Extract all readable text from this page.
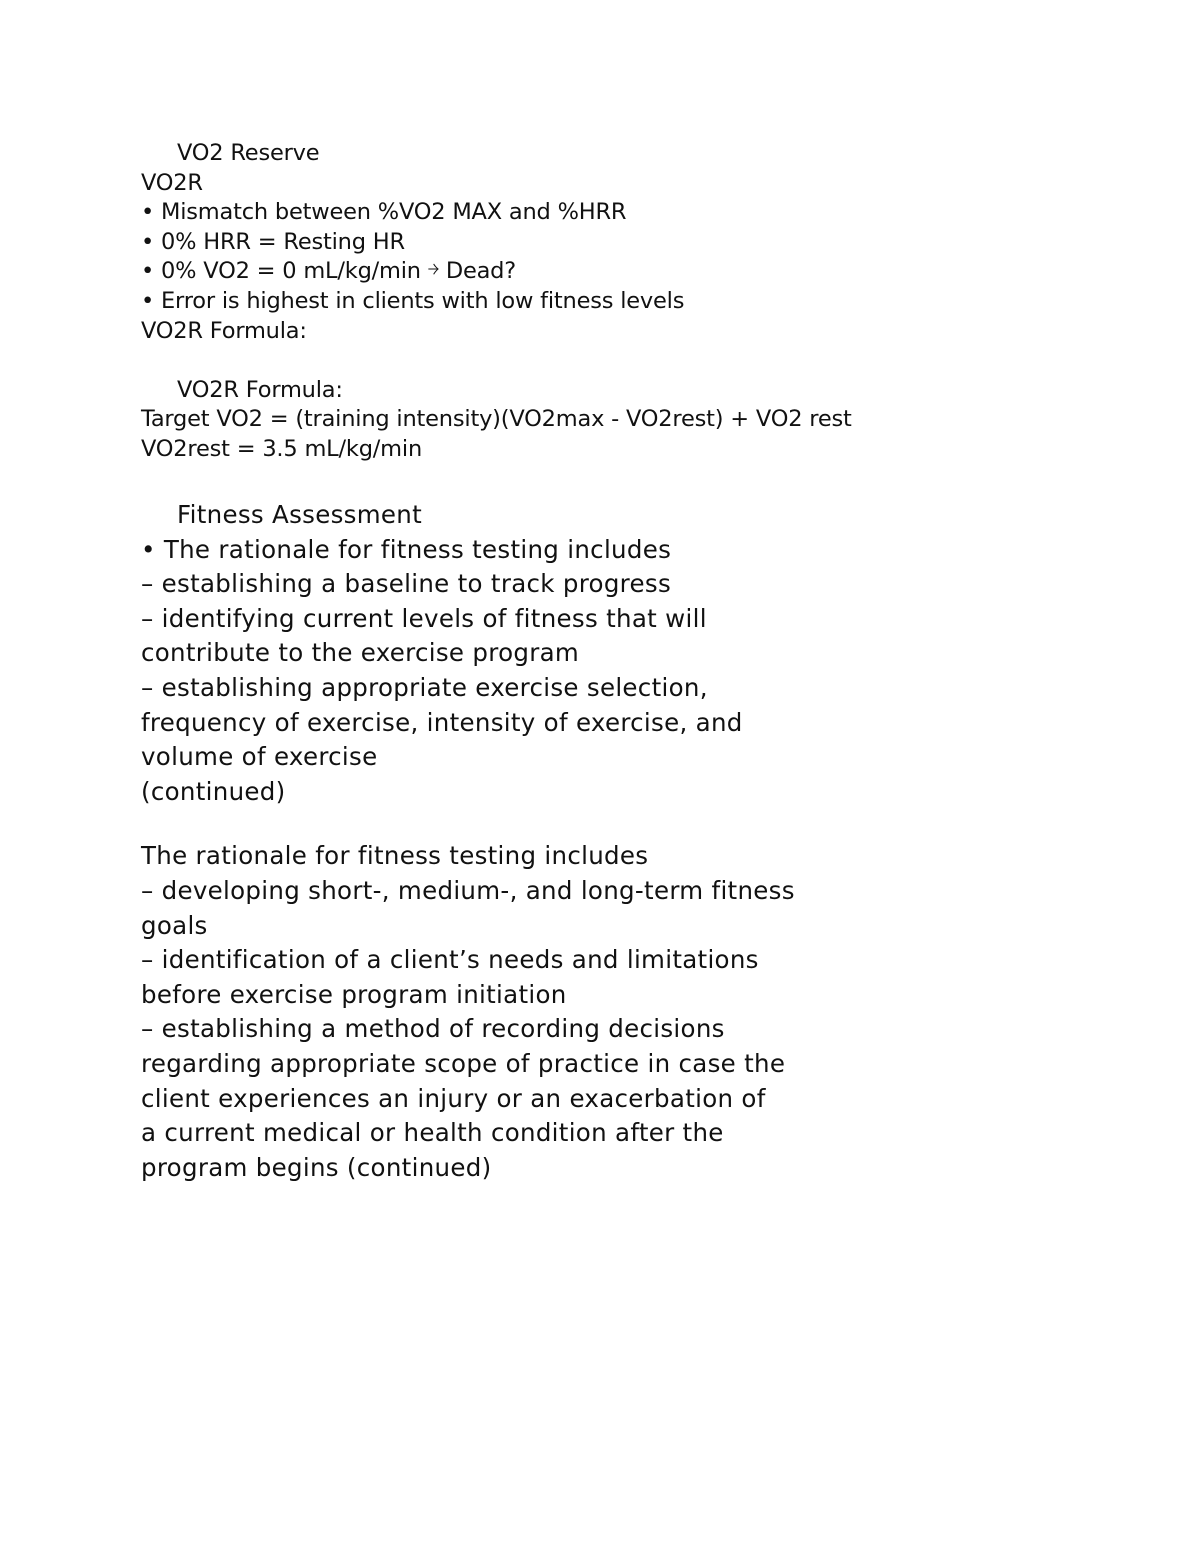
VO2 Reserve
VO2R
• Mismatch between %VO2 MAX and %HRR
• 0% HRR = Resting HR
• 0% VO2 = 0 mL/kg/min ￫ Dead?
• Error is highest in clients with low fitness levels
VO2R Formula:
VO2R Formula:
Target VO2 = (training intensity)(VO2max - VO2rest) + VO2 rest
VO2rest = 3.5 mL/kg/min
Fitness Assessment
• The rationale for fitness testing includes
– establishing a baseline to track progress
– identifying current levels of fitness that will
contribute to the exercise program
– establishing appropriate exercise selection,
frequency of exercise, intensity of exercise, and
volume of exercise
(continued)
The rationale for fitness testing includes
– developing short-, medium-, and long-term fitness
goals
– identification of a client’s needs and limitations
before exercise program initiation
– establishing a method of recording decisions
regarding appropriate scope of practice in case the
client experiences an injury or an exacerbation of
a current medical or health condition after the
program begins (continued)
